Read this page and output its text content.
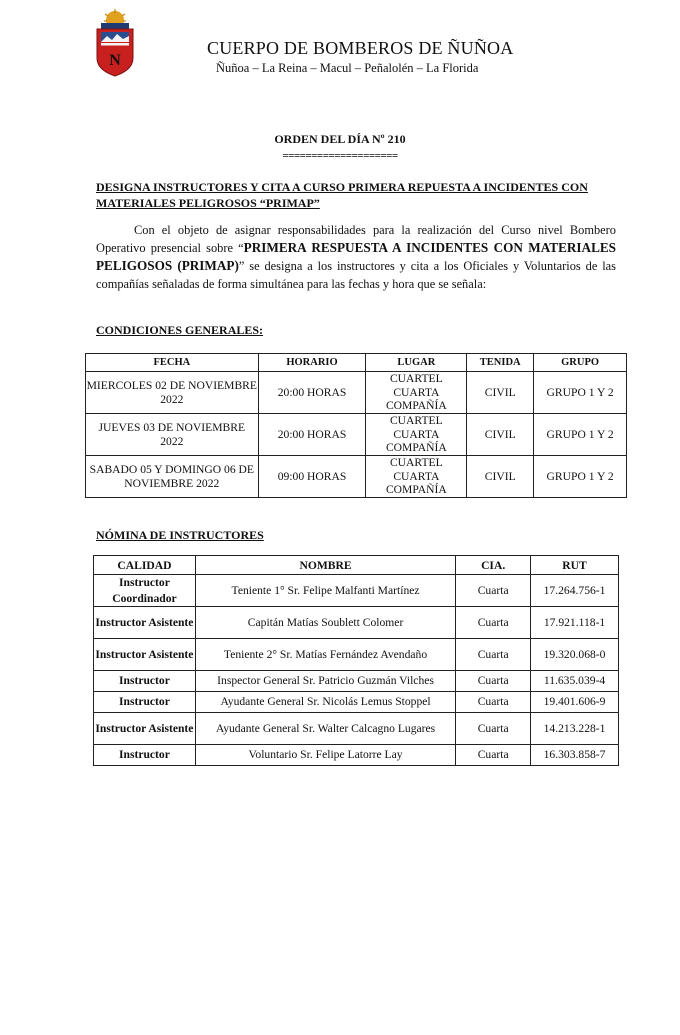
N
CUERPO DE BOMBEROS DE ÑUÑOA
Ñuñoa – La Reina – Macul – Peñalolén – La Florida
ORDEN DEL DÍA Nº 210
====================
DESIGNA INSTRUCTORES Y CITA A CURSO PRIMERA REPUESTA A INCIDENTES CON MATERIALES PELIGROSOS “PRIMAP”
Con el objeto de asignar responsabilidades para la realización del Curso nivel Bombero Operativo presencial sobre “PRIMERA RESPUESTA A INCIDENTES CON MATERIALES PELIGOSOS (PRIMAP)” se designa a los instructores y cita a los Oficiales y Voluntarios de las compañías señaladas de forma simultánea para las fechas y hora que se señala:
CONDICIONES GENERALES:
FECHA	HORARIO	LUGAR	TENIDA	GRUPO
MIERCOLES 02 DE NOVIEMBRE 2022	20:00 HORAS	CUARTEL CUARTA COMPAÑÍA	CIVIL	GRUPO 1 Y 2
JUEVES 03 DE NOVIEMBRE 2022	20:00 HORAS	CUARTEL CUARTA COMPAÑÍA	CIVIL	GRUPO 1 Y 2
SABADO 05 Y DOMINGO 06 DE NOVIEMBRE 2022	09:00 HORAS	CUARTEL CUARTA COMPAÑÍA	CIVIL	GRUPO 1 Y 2
NÓMINA DE INSTRUCTORES
CALIDAD	NOMBRE	CIA.	RUT
Instructor Coordinador	Teniente 1° Sr. Felipe Malfanti Martínez	Cuarta	17.264.756-1
Instructor Asistente	Capitán Matías Soublett Colomer	Cuarta	17.921.118-1
Instructor Asistente	Teniente 2° Sr. Matías Fernández Avendaño	Cuarta	19.320.068-0
Instructor	Inspector General Sr. Patricio Guzmán Vilches	Cuarta	11.635.039-4
Instructor	Ayudante General Sr. Nicolás Lemus Stoppel	Cuarta	19.401.606-9
Instructor Asistente	Ayudante General Sr. Walter Calcagno Lugares	Cuarta	14.213.228-1
Instructor	Voluntario Sr. Felipe Latorre Lay	Cuarta	16.303.858-7
